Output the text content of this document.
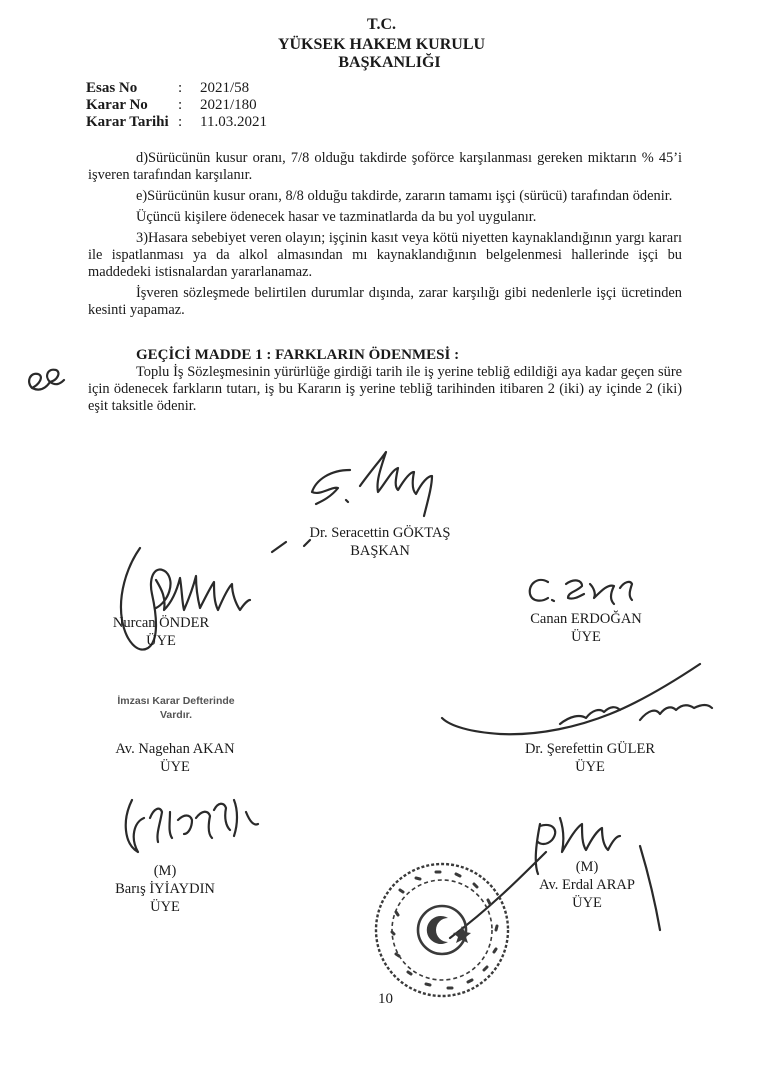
T.C.
YÜKSEK HAKEM KURULU
BAŞKANLIĞI
Esas No	:	2021/58
Karar No	:	2021/180
Karar Tarihi :	11.03.2021

d)Sürücünün kusur oranı, 7/8 olduğu takdirde şoförce karşılanması gereken miktarın % 45’i işveren tarafından karşılanır.

e)Sürücünün kusur oranı, 8/8 olduğu takdirde, zararın tamamı işçi (sürücü) tarafından ödenir.

Üçüncü kişilere ödenecek hasar ve tazminatlarda da bu yol uygulanır.

3)Hasara sebebiyet veren olayın; işçinin kasıt veya kötü niyetten kaynaklandığının yargı kararı ile ispatlanması ya da alkol almasından mı kaynaklandığının belgelenmesi hallerinde işçi bu maddedeki istisnalardan yararlanamaz.

İşveren sözleşmede belirtilen durumlar dışında, zarar karşılığı gibi nedenlerle işçi ücretinden kesinti yapamaz.

GEÇİCİ MADDE 1 : FARKLARIN ÖDENMESİ :

Toplu İş Sözleşmesinin yürürlüğe girdiği tarih ile iş yerine tebliğ edildiği aya kadar geçen süre için ödenecek farkların tutarı, iş bu Kararın iş yerine tebliğ tarihinden itibaren 2 (iki) ay içinde 2 (iki) eşit taksitle ödenir.

Dr. Seracettin GÖKTAŞ
BAŞKAN
Nurcan ÖNDER
ÜYE
Canan ERDOĞAN
ÜYE
İmzası Karar Defterinde
Vardır.
Av. Nagehan AKAN
ÜYE
Dr. Şerefettin GÜLER
ÜYE
(M)
Barış İYİAYDIN
ÜYE
(M)
Av. Erdal ARAP
ÜYE
10
